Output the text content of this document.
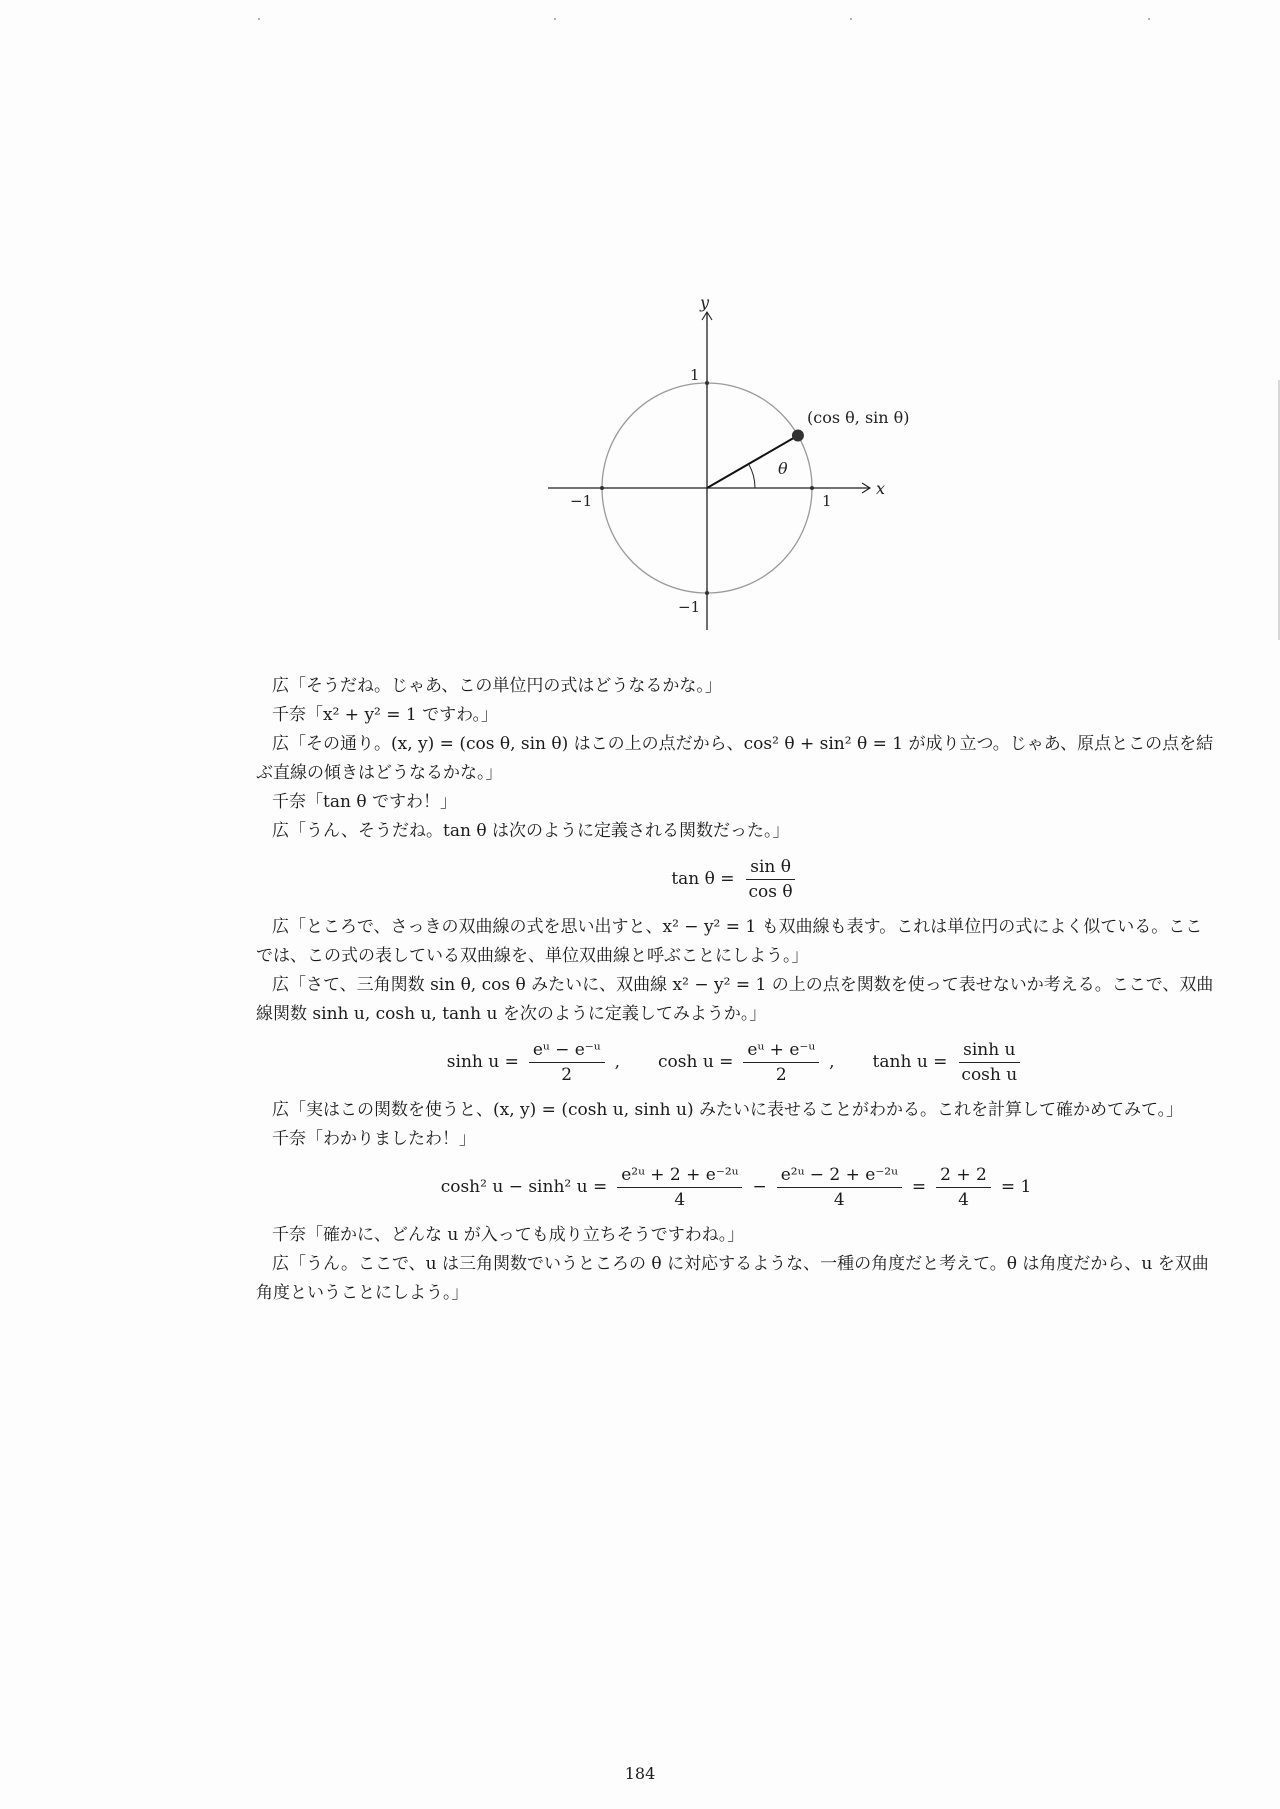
y
x
1
−1
1
−1
(cos θ, sin θ)
θ

広「そうだね。じゃあ、この単位円の式はどうなるかな。」

千奈「x² + y² = 1 ですわ。」

広「その通り。(x, y) = (cos θ, sin θ) はこの上の点だから、cos² θ + sin² θ = 1 が成り立つ。じゃあ、原点とこの点を結ぶ直線の傾きはどうなるかな。」

千奈「tan θ ですわ！」

広「うん、そうだね。tan θ は次のように定義される関数だった。」

$\tan \theta = \frac{\text{sin θ}}{\text{cos θ}}$

広「ところで、さっきの双曲線の式を思い出すと、x² − y² = 1 も双曲線も表す。これは単位円の式によく似ている。ここでは、この式の表している双曲線を、単位双曲線と呼ぶことにしよう。」

広「さて、三角関数 sin θ, cos θ みたいに、双曲線 x² − y² = 1 の上の点を関数を使って表せないか考える。ここで、双曲線関数 sinh u, cosh u, tanh u を次のように定義してみようか。」

$\sinh u = \frac{\text{eᵘ − e⁻ᵘ}}{2}$ , $\cosh u = \frac{\text{eᵘ + e⁻ᵘ}}{2}$ , $\tanh u = \frac{\text{sinh u}}{\text{cosh u}}$

広「実はこの関数を使うと、(x, y) = (cosh u, sinh u) みたいに表せることがわかる。これを計算して確かめてみて。」

千奈「わかりましたわ！」

cosh² u − sinh² $u = \frac{\text{e²ᵘ + 2 + e⁻²ᵘ}}{4} - \frac{\text{e²ᵘ − 2 + e⁻²ᵘ}}{4} = \frac{2 + 2}{4} = 1$

千奈「確かに、どんな u が入っても成り立ちそうですわね。」

広「うん。ここで、u は三角関数でいうところの θ に対応するような、一種の角度だと考えて。θ は角度だから、u を双曲角度ということにしよう。」

184
